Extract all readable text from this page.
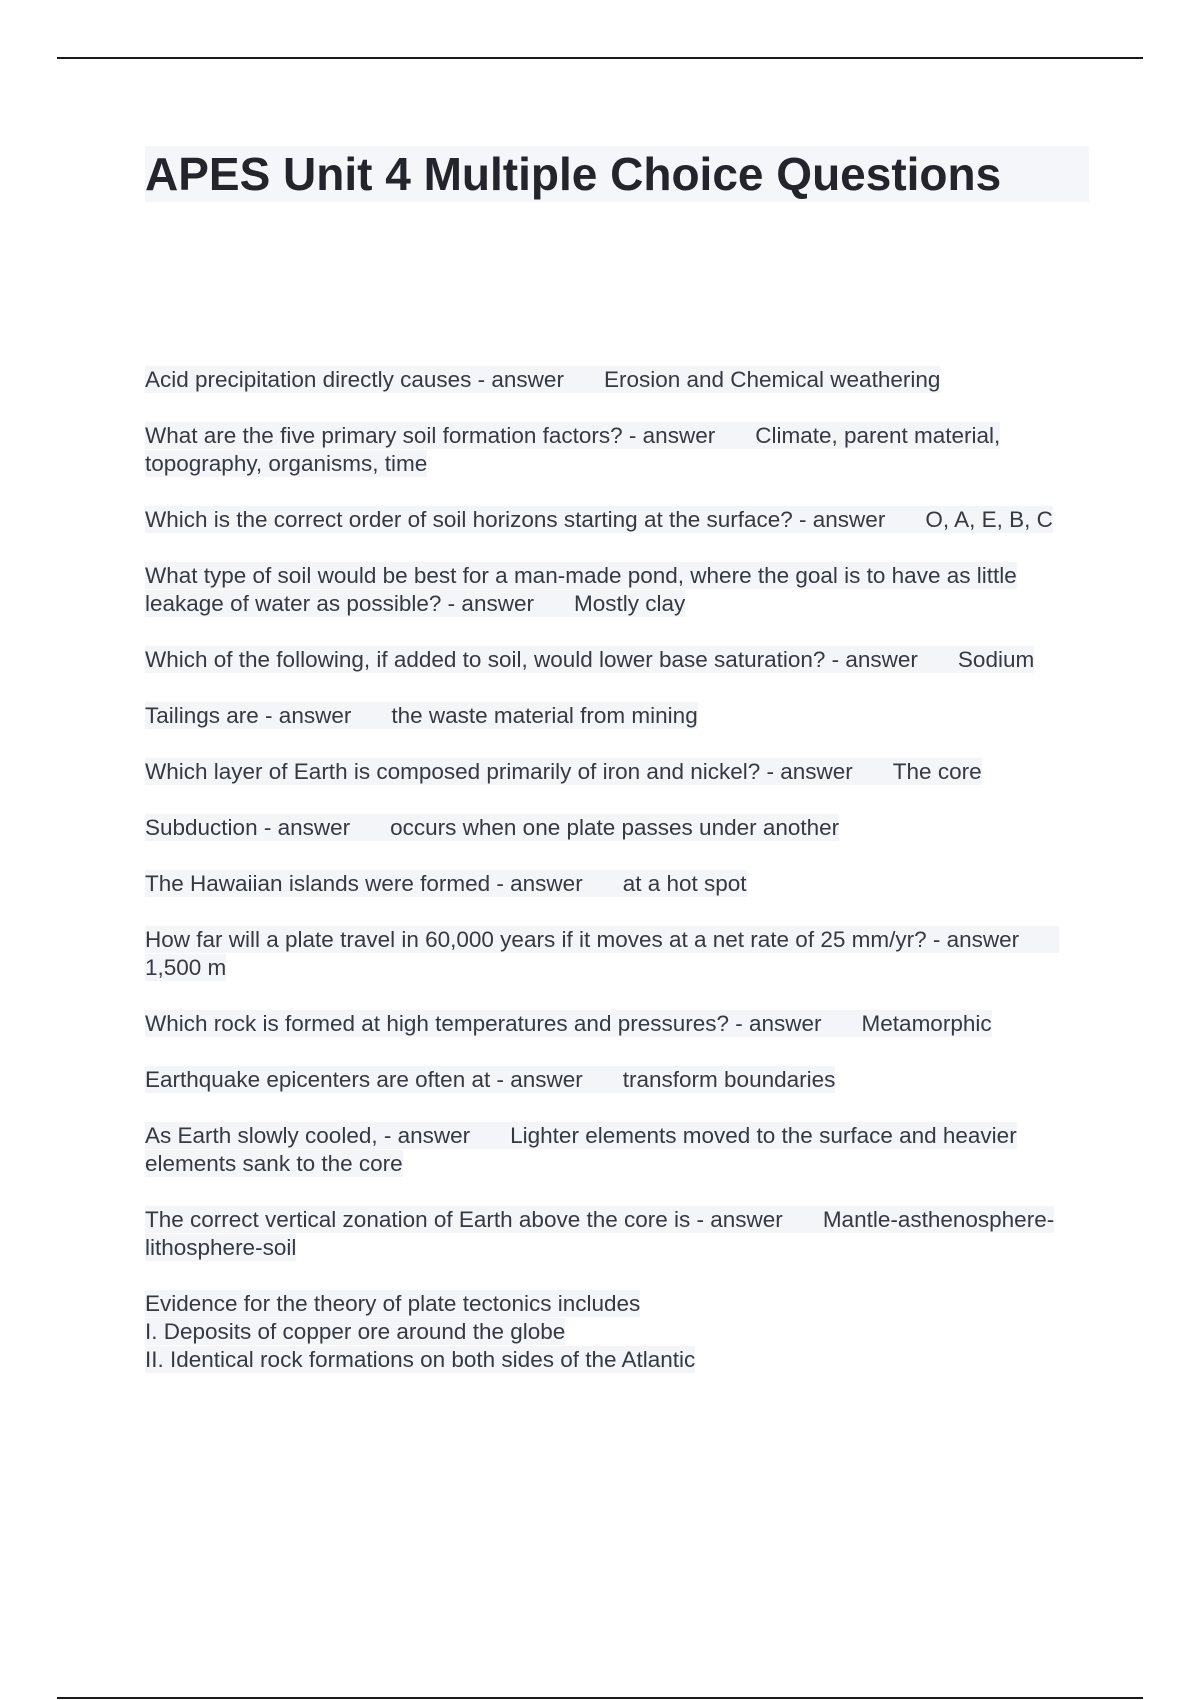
APES Unit 4 Multiple Choice Questions

Acid precipitation directly causes - answer Erosion and Chemical weathering

What are the five primary soil formation factors? - answer Climate, parent material, topography, organisms, time

Which is the correct order of soil horizons starting at the surface? - answer O, A, E, B, C

What type of soil would be best for a man-made pond, where the goal is to have as little leakage of water as possible? - answer Mostly clay

Which of the following, if added to soil, would lower base saturation? - answer Sodium

Tailings are - answer the waste material from mining

Which layer of Earth is composed primarily of iron and nickel? - answer The core

Subduction - answer occurs when one plate passes under another

The Hawaiian islands were formed - answer at a hot spot

How far will a plate travel in 60,000 years if it moves at a net rate of 25 mm/yr? - answer1,500 m

Which rock is formed at high temperatures and pressures? - answer Metamorphic

Earthquake epicenters are often at - answer transform boundaries

As Earth slowly cooled, - answer Lighter elements moved to the surface and heavier elements sank to the core

The correct vertical zonation of Earth above the core is - answer Mantle-asthenosphere-lithosphere-soil

Evidence for the theory of plate tectonics includes
I. Deposits of copper ore around the globe
II. Identical rock formations on both sides of the Atlantic
